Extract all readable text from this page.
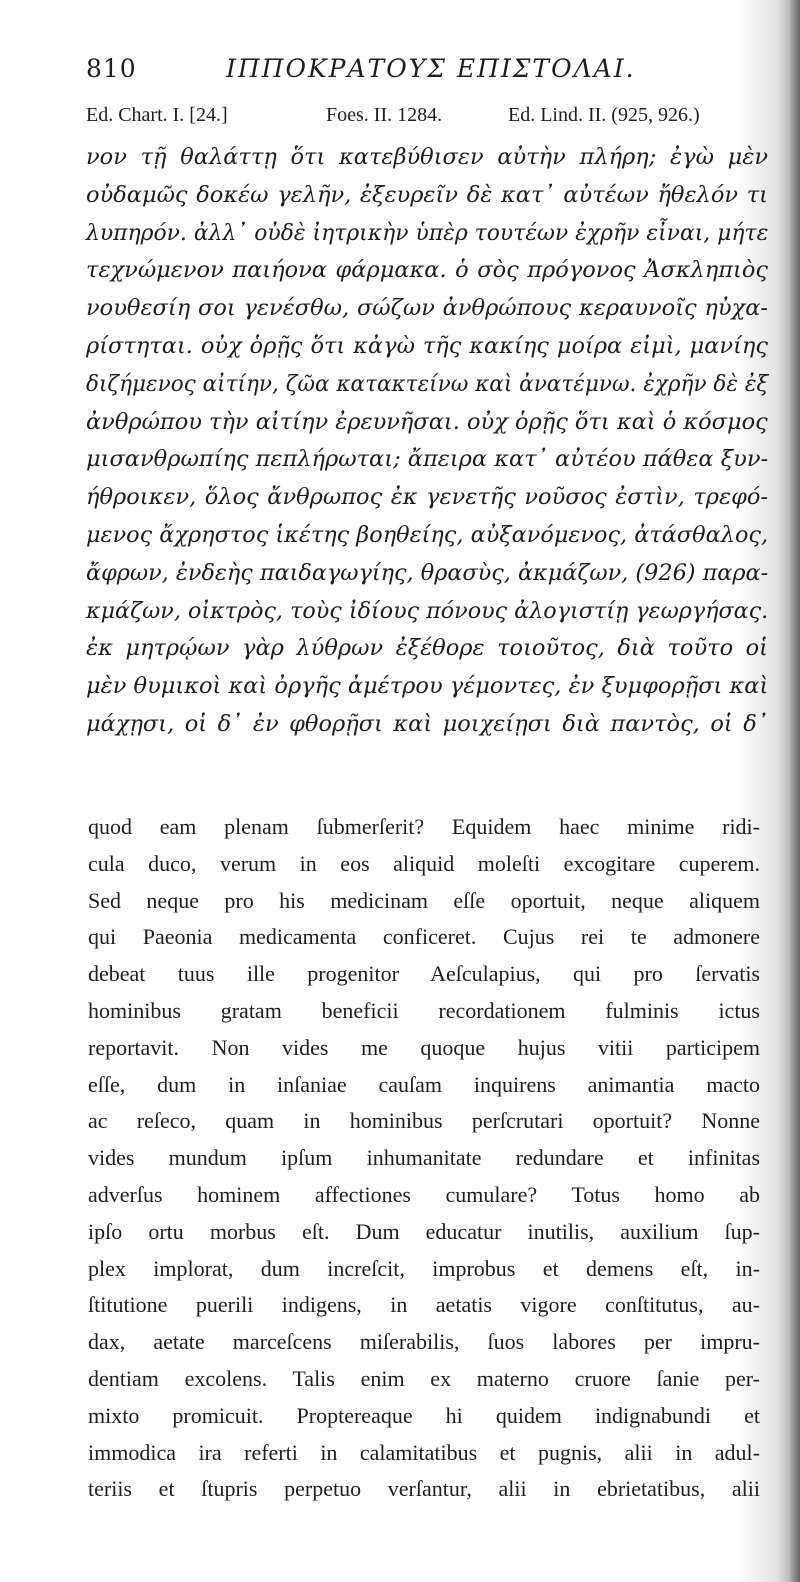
810	ΙΠΠΟΚΡΑΤΟΥΣ ΕΠΙΣΤΟΛΑΙ.
Ed. Chart. I. [24.]	Foes. II. 1284.	Ed. Lind. II. (925, 926.)
νον τῇ θαλάττῃ ὅτι κατεβύθισεν αὐτὴν πλήρη; ἐγὼ μὲν
οὐδαμῶς δοκέω γελῆν, ἐξευρεῖν δὲ κατ᾽ αὐτέων ἤθελόν τι
λυπηρόν. ἀλλ᾽ οὐδὲ ἰητρικὴν ὑπὲρ τουτέων ἐχρῆν εἶναι, μήτε
τεχνώμενον παιήονα φάρμακα. ὁ σὸς πρόγονος Ἀσκληπιὸς
νουθεσίη σοι γενέσθω, σώζων ἀνθρώπους κεραυνοῖς ηὐχα-
ρίστηται. οὐχ ὁρῇς ὅτι κἀγὼ τῆς κακίης μοίρα εἰμὶ, μανίης
διζήμενος αἰτίην, ζῶα κατακτείνω καὶ ἀνατέμνω. ἐχρῆν δὲ ἐξ
ἀνθρώπου τὴν αἰτίην ἐρευνῆσαι. οὐχ ὁρῇς ὅτι καὶ ὁ κόσμος
μισανθρωπίης πεπλήρωται; ἄπειρα κατ᾽ αὐτέου πάθεα ξυν-
ήθροικεν, ὅλος ἄνθρωπος ἐκ γενετῆς νοῦσος ἐστὶν, τρεφό-
μενος ἄχρηστος ἱκέτης βοηθείης, αὐξανόμενος, ἀτάσθαλος,
ἄφρων, ἐνδεὴς παιδαγωγίης, θρασὺς, ἀκμάζων, (926) παρα-
κμάζων, οἰκτρὸς, τοὺς ἰδίους πόνους ἀλογιστίῃ γεωργήσας.
ἐκ μητρῴων γὰρ λύθρων ἐξέθορε τοιοῦτος, διὰ τοῦτο οἱ
μὲν θυμικοὶ καὶ ὀργῆς ἀμέτρου γέμοντες, ἐν ξυμφορῇσι καὶ
μάχῃσι, οἱ δ᾽ ἐν φθορῇσι καὶ μοιχείῃσι διὰ παντὸς, οἱ δ᾽
quod eam plenam ſubmerſerit? Equidem haec minime ridi-
cula duco, verum in eos aliquid moleſti excogitare cuperem.
Sed neque pro his medicinam eſſe oportuit, neque aliquem
qui Paeonia medicamenta conficeret. Cujus rei te admonere
debeat tuus ille progenitor Aeſculapius, qui pro ſervatis
hominibus gratam beneficii recordationem fulminis ictus
reportavit. Non vides me quoque hujus vitii participem
eſſe, dum in inſaniae cauſam inquirens animantia macto
ac reſeco, quam in hominibus perſcrutari oportuit? Nonne
vides mundum ipſum inhumanitate redundare et infinitas
adverſus hominem affectiones cumulare? Totus homo ab
ipſo ortu morbus eſt. Dum educatur inutilis, auxilium ſup-
plex implorat, dum increſcit, improbus et demens eſt, in-
ſtitutione puerili indigens, in aetatis vigore conſtitutus, au-
dax, aetate marceſcens miſerabilis, ſuos labores per impru-
dentiam excolens. Talis enim ex materno cruore ſanie per-
mixto promicuit. Proptereaque hi quidem indignabundi et
immodica ira referti in calamitatibus et pugnis, alii in adul-
teriis et ſtupris perpetuo verſantur, alii in ebrietatibus, alii
